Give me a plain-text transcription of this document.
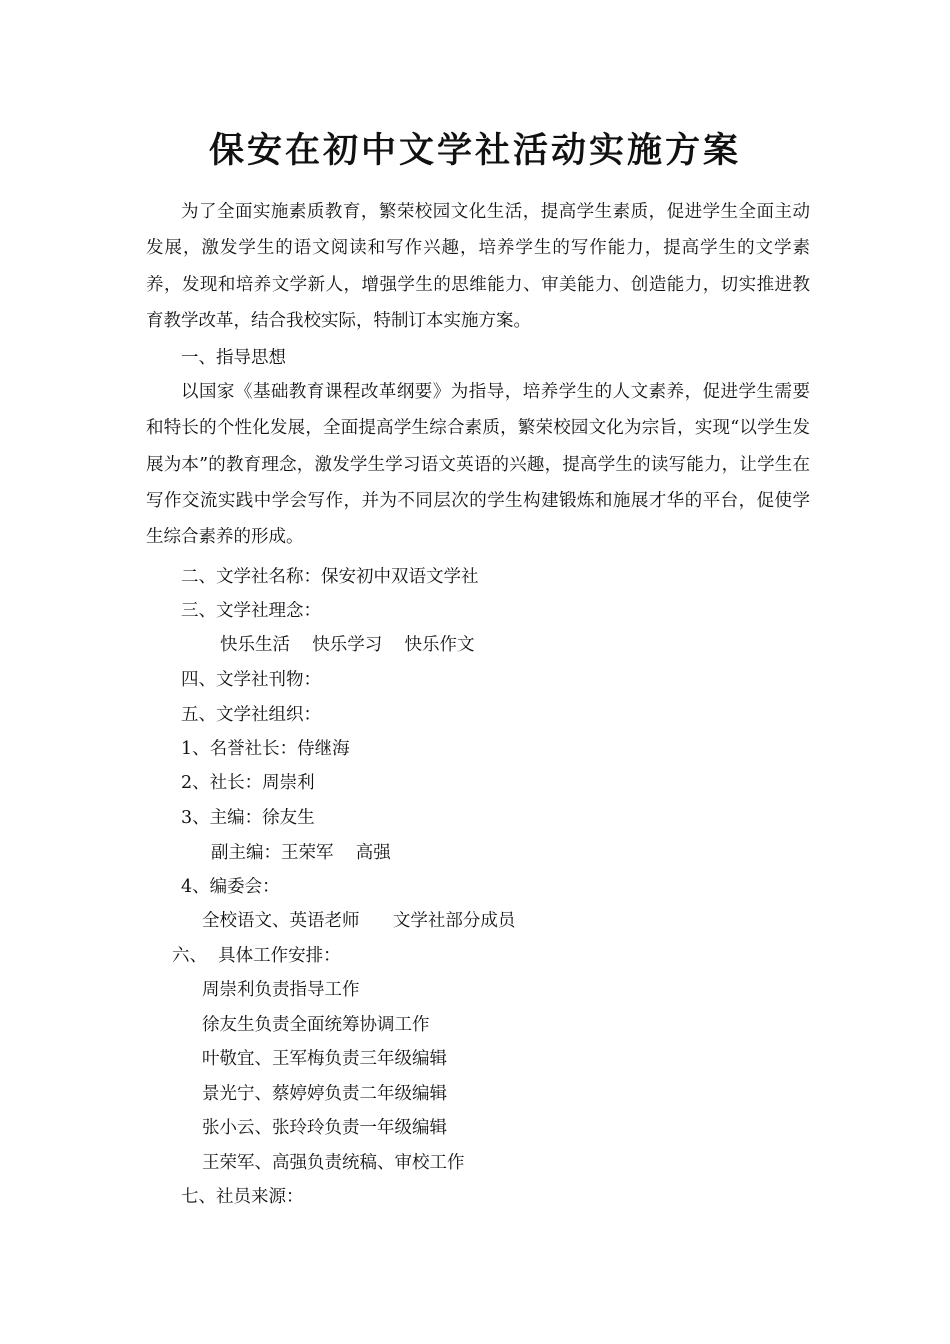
保安在初中文学社活动实施方案

为了全面实施素质教育，繁荣校园文化生活，提高学生素质，促进学生全面主动发展，激发学生的语文阅读和写作兴趣，培养学生的写作能力，提高学生的文学素养，发现和培养文学新人，增强学生的思维能力、审美能力、创造能力，切实推进教育教学改革，结合我校实际，特制订本实施方案。

一、指导思想

以国家《基础教育课程改革纲要》为指导，培养学生的人文素养，促进学生需要和特长的个性化发展，全面提高学生综合素质，繁荣校园文化为宗旨，实现“以学生发展为本”的教育理念，激发学生学习语文英语的兴趣，提高学生的读写能力，让学生在写作交流实践中学会写作，并为不同层次的学生构建锻炼和施展才华的平台，促使学生综合素养的形成。

二、文学社名称：保安初中双语文学社
三、文学社理念：
快乐生活    快乐学习    快乐作文
四、文学社刊物：
五、文学社组织：
1、名誉社长：侍继海
2、社长：周崇利
3、主编：徐友生
副主编：王荣军    高强
4、编委会：
全校语文、英语老师      文学社部分成员
六、  具体工作安排：
周崇利负责指导工作
徐友生负责全面统筹协调工作
叶敬宜、王军梅负责三年级编辑
景光宁、蔡婷婷负责二年级编辑
张小云、张玲玲负责一年级编辑
王荣军、高强负责统稿、审校工作
七、社员来源：
